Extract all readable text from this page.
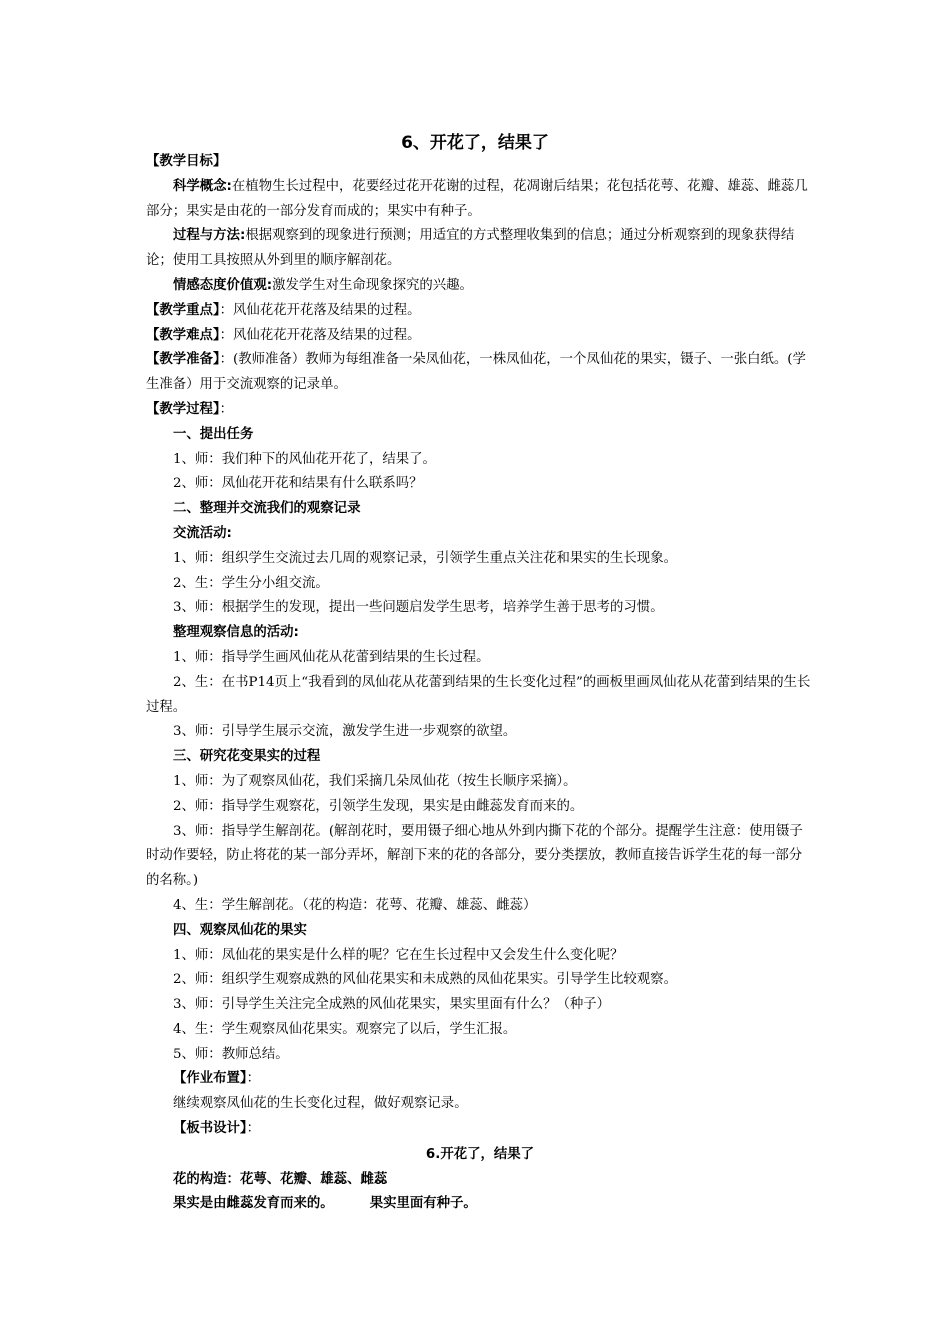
6、开花了，结果了

【教学目标】

科学概念:在植物生长过程中，花要经过花开花谢的过程，花凋谢后结果；花包括花萼、花瓣、雄蕊、雌蕊几部分；果实是由花的一部分发育而成的；果实中有种子。

过程与方法:根据观察到的现象进行预测；用适宜的方式整理收集到的信息；通过分析观察到的现象获得结论；使用工具按照从外到里的顺序解剖花。

情感态度价值观:激发学生对生命现象探究的兴趣。

【教学重点】：风仙花花开花落及结果的过程。

【教学难点】：风仙花花开花落及结果的过程。

【教学准备】：(教师准备）教师为每组准备一朵凤仙花，一株凤仙花，一个凤仙花的果实，镊子、一张白纸。(学生准备）用于交流观察的记录单。

【教学过程】：

一、提出任务

1、师：我们种下的风仙花开花了，结果了。

2、师：凤仙花开花和结果有什么联系吗？

二、整理并交流我们的观察记录

交流活动:

1、师：组织学生交流过去几周的观察记录，引领学生重点关注花和果实的生长现象。

2、生：学生分小组交流。

3、师：根据学生的发现，提出一些问题启发学生思考，培养学生善于思考的习惯。

整理观察信息的活动:

1、师：指导学生画风仙花从花蕾到结果的生长过程。

2、生：在书P14页上“我看到的凤仙花从花蕾到结果的生长变化过程”的画板里画凤仙花从花蕾到结果的生长过程。

3、师：引导学生展示交流，激发学生进一步观察的欲望。

三、研究花变果实的过程

1、师：为了观察凤仙花，我们采摘几朵凤仙花（按生长顺序采摘）。

2、师：指导学生观察花，引领学生发现，果实是由雌蕊发育而来的。

3、师：指导学生解剖花。(解剖花时，要用镊子细心地从外到内撕下花的个部分。提醒学生注意：使用镊子时动作要轻，防止将花的某一部分弄坏，解剖下来的花的各部分，要分类摆放，教师直接告诉学生花的每一部分的名称。)

4、生：学生解剖花。（花的构造：花萼、花瓣、雄蕊、雌蕊）

四、观察凤仙花的果实

1、师：凤仙花的果实是什么样的呢？它在生长过程中又会发生什么变化呢？

2、师：组织学生观察成熟的风仙花果实和未成熟的凤仙花果实。引导学生比较观察。

3、师：引导学生关注完全成熟的风仙花果实，果实里面有什么？（种子）

4、生：学生观察凤仙花果实。观察完了以后，学生汇报。

5、师：教师总结。

【作业布置】：

继续观察凤仙花的生长变化过程，做好观察记录。

【板书设计】：

6.开花了，结果了

花的构造：花萼、花瓣、雄蕊、雌蕊

果实是由雌蕊发育而来的。	果实里面有种子。
